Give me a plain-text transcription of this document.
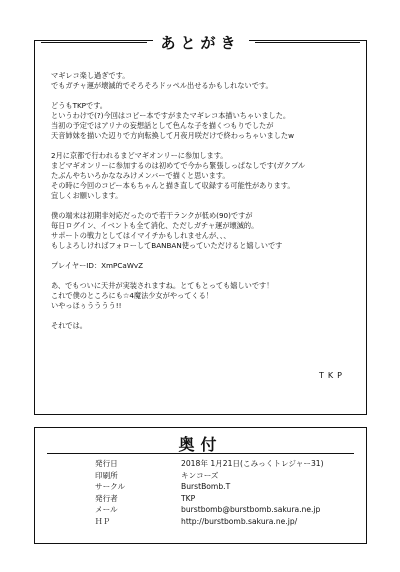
あとがき

マギレコ楽し過ぎです。

でもガチャ運が壊滅的でそろそろドッペル出せるかもしれないです。

どうもTKPです。

というわけで(?)今回はコピー本ですがまたマギレコ本描いちゃいました。

当初の予定ではアリナの妄想話として色んな子を描くつもりでしたが

天音姉妹を描いた辺りで方向転換して月夜月咲だけで終わっちゃいましたw

2月に京都で行われるまどマギオンリーに参加します。

まどマギオンリーに参加するのは初めてで今から緊張しっぱなしです(ガクブル

たぶんやちいろかななみけメンバーで描くと思います。

その時に今回のコピー本もちゃんと描き直して収録する可能性があります。

宜しくお願いします。

僕の端末は初期非対応だったので若干ランクが低め(90)ですが

毎日ログイン、イベントも全て消化、ただしガチャ運が壊滅的。

サポートの戦力としてはイマイチかもしれませんが、、、

もしよろしければフォローしてBANBAN使っていただけると嬉しいです

プレイヤーID：XmPCaWvZ

あ、でもついに天井が実装されますね。とてもとっても嬉しいです！

これで僕のところにも☆4魔法少女がやってくる！

いやっほぅうううう!!

それでは。

TKP
奥付
発行日	2018年 1月21日(こみっくトレジャー31)
印刷所	キンコーズ
サークル	BurstBomb.T
発行者	TKP
メール	burstbomb@burstbomb.sakura.ne.jp
ＨＰ	http://burstbomb.sakura.ne.jp/
